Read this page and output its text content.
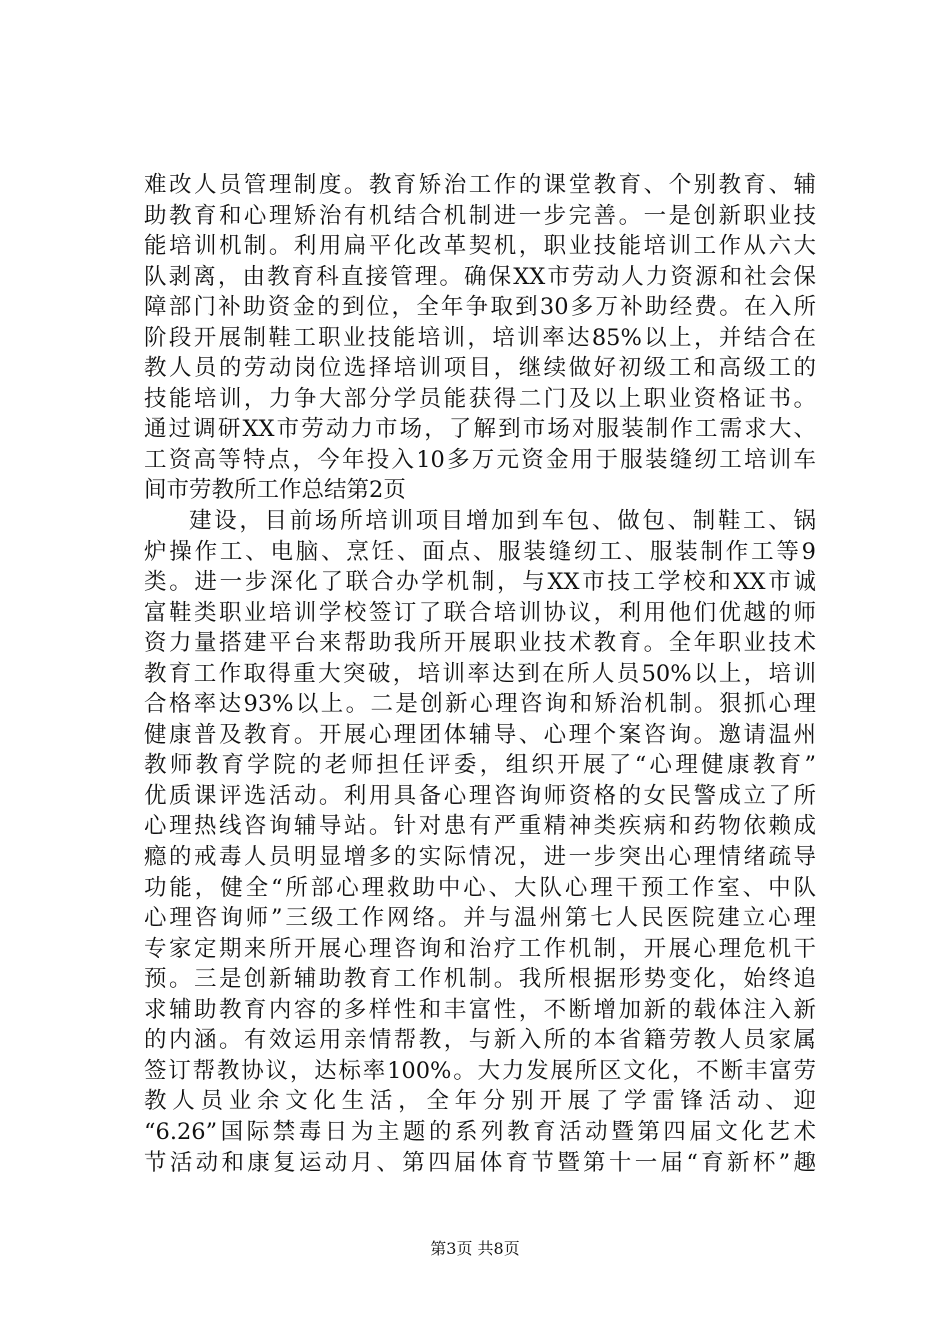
难改人员管理制度。教育矫治工作的课堂教育、个别教育、辅
助教育和心理矫治有机结合机制进一步完善。一是创新职业技
能培训机制。利用扁平化改革契机，职业技能培训工作从六大
队剥离，由教育科直接管理。确保XX市劳动人力资源和社会保
障部门补助资金的到位，全年争取到30多万补助经费。在入所
阶段开展制鞋工职业技能培训，培训率达85%以上，并结合在
教人员的劳动岗位选择培训项目，继续做好初级工和高级工的
技能培训，力争大部分学员能获得二门及以上职业资格证书。
通过调研XX市劳动力市场，了解到市场对服装制作工需求大、
工资高等特点，今年投入10多万元资金用于服装缝纫工培训车
间市劳教所工作总结第2页
建设，目前场所培训项目增加到车包、做包、制鞋工、锅
炉操作工、电脑、烹饪、面点、服装缝纫工、服装制作工等9
类。进一步深化了联合办学机制，与XX市技工学校和XX市诚
富鞋类职业培训学校签订了联合培训协议，利用他们优越的师
资力量搭建平台来帮助我所开展职业技术教育。全年职业技术
教育工作取得重大突破，培训率达到在所人员50%以上，培训
合格率达93%以上。二是创新心理咨询和矫治机制。狠抓心理
健康普及教育。开展心理团体辅导、心理个案咨询。邀请温州
教师教育学院的老师担任评委，组织开展了“心理健康教育”
优质课评选活动。利用具备心理咨询师资格的女民警成立了所
心理热线咨询辅导站。针对患有严重精神类疾病和药物依赖成
瘾的戒毒人员明显增多的实际情况，进一步突出心理情绪疏导
功能，健全“所部心理救助中心、大队心理干预工作室、中队
心理咨询师”三级工作网络。并与温州第七人民医院建立心理
专家定期来所开展心理咨询和治疗工作机制，开展心理危机干
预。三是创新辅助教育工作机制。我所根据形势变化，始终追
求辅助教育内容的多样性和丰富性，不断增加新的载体注入新
的内涵。有效运用亲情帮教，与新入所的本省籍劳教人员家属
签订帮教协议，达标率100%。大力发展所区文化，不断丰富劳
教人员业余文化生活，全年分别开展了学雷锋活动、迎
“6.26”国际禁毒日为主题的系列教育活动暨第四届文化艺术
节活动和康复运动月、第四届体育节暨第十一届“育新杯”趣
第3页 共8页
